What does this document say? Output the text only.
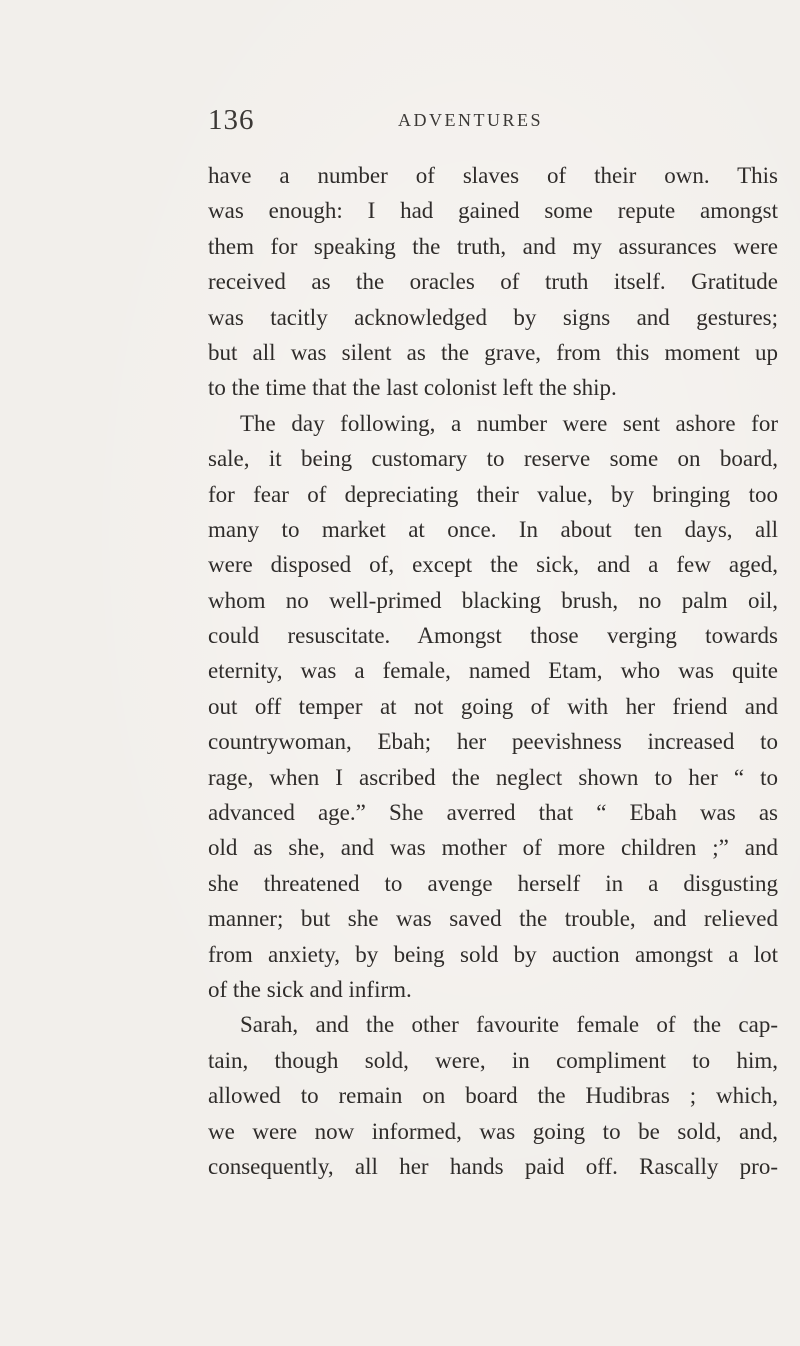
136	ADVENTURES
have a number of slaves of their own. This
was enough: I had gained some repute amongst
them for speaking the truth, and my assurances were
received as the oracles of truth itself. Gratitude
was tacitly acknowledged by signs and gestures;
but all was silent as the grave, from this moment up
to the time that the last colonist left the ship.
The day following, a number were sent ashore for
sale, it being customary to reserve some on board,
for fear of depreciating their value, by bringing too
many to market at once. In about ten days, all
were disposed of, except the sick, and a few aged,
whom no well-primed blacking brush, no palm oil,
could resuscitate. Amongst those verging towards
eternity, was a female, named Etam, who was quite
out off temper at not going of with her friend and
countrywoman, Ebah; her peevishness increased to
rage, when I ascribed the neglect shown to her “ to
advanced age.” She averred that “ Ebah was as
old as she, and was mother of more children ;” and
she threatened to avenge herself in a disgusting
manner; but she was saved the trouble, and relieved
from anxiety, by being sold by auction amongst a lot
of the sick and infirm.
Sarah, and the other favourite female of the cap-
tain, though sold, were, in compliment to him,
allowed to remain on board the Hudibras ; which,
we were now informed, was going to be sold, and,
consequently, all her hands paid off. Rascally pro-
